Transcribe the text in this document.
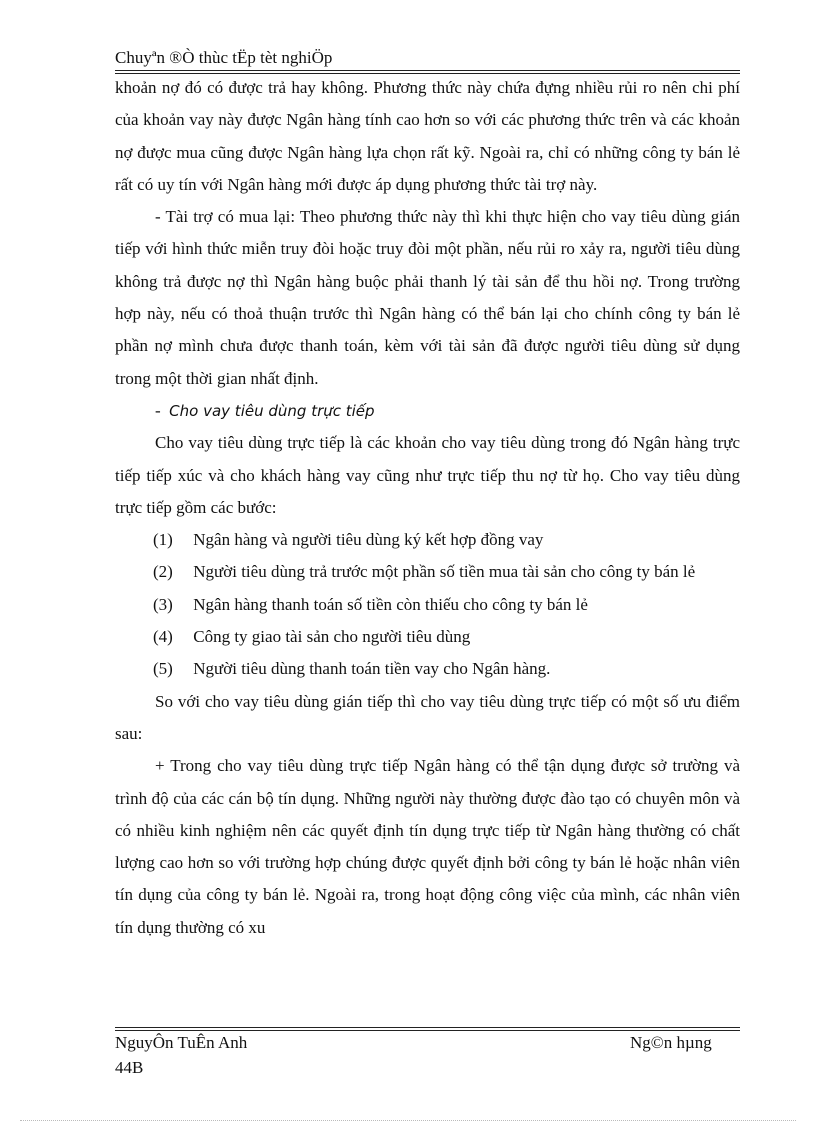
Chuyªn ®Ò thùc tËp tèt nghiÖp

khoản nợ đó có được trả hay không. Phương thức này chứa đựng nhiều rủi ro nên chi phí của khoản vay này được Ngân hàng tính cao hơn so với các phương thức trên và các khoản nợ được mua cũng được Ngân hàng lựa chọn rất kỹ. Ngoài ra, chỉ có những công ty bán lẻ rất có uy tín với Ngân hàng mới được áp dụng phương thức tài trợ này.

- Tài trợ có mua lại: Theo phương thức này thì khi thực hiện cho vay tiêu dùng gián tiếp với hình thức miễn truy đòi hoặc truy đòi một phần, nếu rủi ro xảy ra, người tiêu dùng không trả được nợ thì Ngân hàng buộc phải thanh lý tài sản để thu hồi nợ. Trong trường hợp này, nếu có thoả thuận trước thì Ngân hàng có thể bán lại cho chính công ty bán lẻ phần nợ mình chưa được thanh toán, kèm với tài sản đã được người tiêu dùng sử dụng trong một thời gian nhất định.

- Cho vay tiêu dùng trực tiếp

Cho vay tiêu dùng trực tiếp là các khoản cho vay tiêu dùng trong đó Ngân hàng trực tiếp tiếp xúc và cho khách hàng vay cũng như trực tiếp thu nợ từ họ. Cho vay tiêu dùng trực tiếp gồm các bước:

(1) Ngân hàng và người tiêu dùng ký kết hợp đồng vay

(2) Người tiêu dùng trả trước một phần số tiền mua tài sản cho công ty bán lẻ

(3) Ngân hàng thanh toán số tiền còn thiếu cho công ty bán lẻ

(4) Công ty giao tài sản cho người tiêu dùng

(5) Người tiêu dùng thanh toán tiền vay cho Ngân hàng.

So với cho vay tiêu dùng gián tiếp thì cho vay tiêu dùng trực tiếp có một số ưu điểm sau:

+ Trong cho vay tiêu dùng trực tiếp Ngân hàng có thể tận dụng được sở trường và trình độ của các cán bộ tín dụng. Những người này thường được đào tạo có chuyên môn và có nhiều kinh nghiệm nên các quyết định tín dụng trực tiếp từ Ngân hàng thường có chất lượng cao hơn so với trường hợp chúng được quyết định bởi công ty bán lẻ hoặc nhân viên tín dụng của công ty bán lẻ. Ngoài ra, trong hoạt động công việc của mình, các nhân viên tín dụng thường có xu

NguyÔn TuÊn Anh
44B
Ng©n hµng
